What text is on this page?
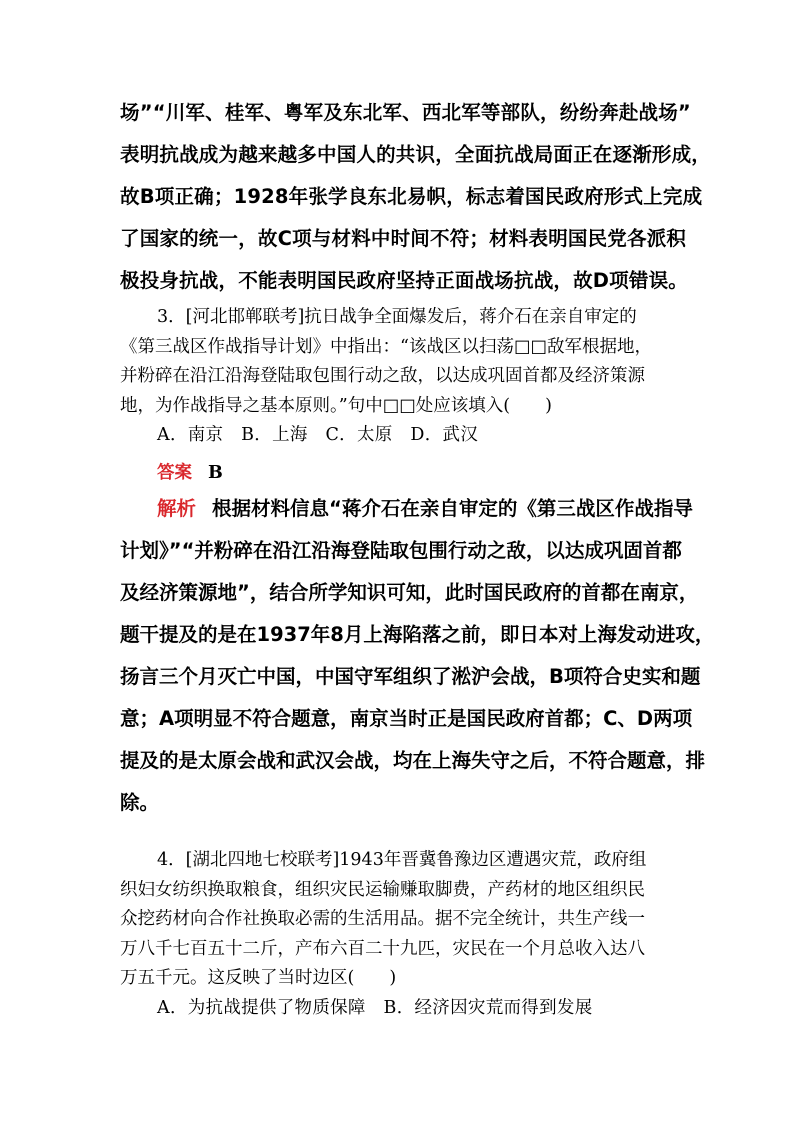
场”“川军、桂军、粤军及东北军、西北军等部队，纷纷奔赴战场”
表明抗战成为越来越多中国人的共识，全面抗战局面正在逐渐形成，
故B项正确；1928年张学良东北易帜，标志着国民政府形式上完成
了国家的统一，故C项与材料中时间不符；材料表明国民党各派积
极投身抗战，不能表明国民政府坚持正面战场抗战，故D项错误。
3．[河北邯郸联考]抗日战争全面爆发后，蒋介石在亲自审定的
《第三战区作战指导计划》中指出：“该战区以扫荡□□敌军根据地，
并粉碎在沿江沿海登陆取包围行动之敌，以达成巩固首都及经济策源
地，为作战指导之基本原则。”句中□□处应该填入(　　)
A．南京　B．上海　C．太原　D．武汉
答案 B
解析 根据材料信息“蒋介石在亲自审定的《第三战区作战指导
计划》”“并粉碎在沿江沿海登陆取包围行动之敌，以达成巩固首都
及经济策源地”，结合所学知识可知，此时国民政府的首都在南京，
题干提及的是在1937年8月上海陷落之前，即日本对上海发动进攻，
扬言三个月灭亡中国，中国守军组织了淞沪会战，B项符合史实和题
意；A项明显不符合题意，南京当时正是国民政府首都；C、D两项
提及的是太原会战和武汉会战，均在上海失守之后，不符合题意，排
除。
4．[湖北四地七校联考]1943年晋冀鲁豫边区遭遇灾荒，政府组
织妇女纺织换取粮食，组织灾民运输赚取脚费，产药材的地区组织民
众挖药材向合作社换取必需的生活用品。据不完全统计，共生产线一
万八千七百五十二斤，产布六百二十九匹，灾民在一个月总收入达八
万五千元。这反映了当时边区(　　)
A．为抗战提供了物质保障　B．经济因灾荒而得到发展
